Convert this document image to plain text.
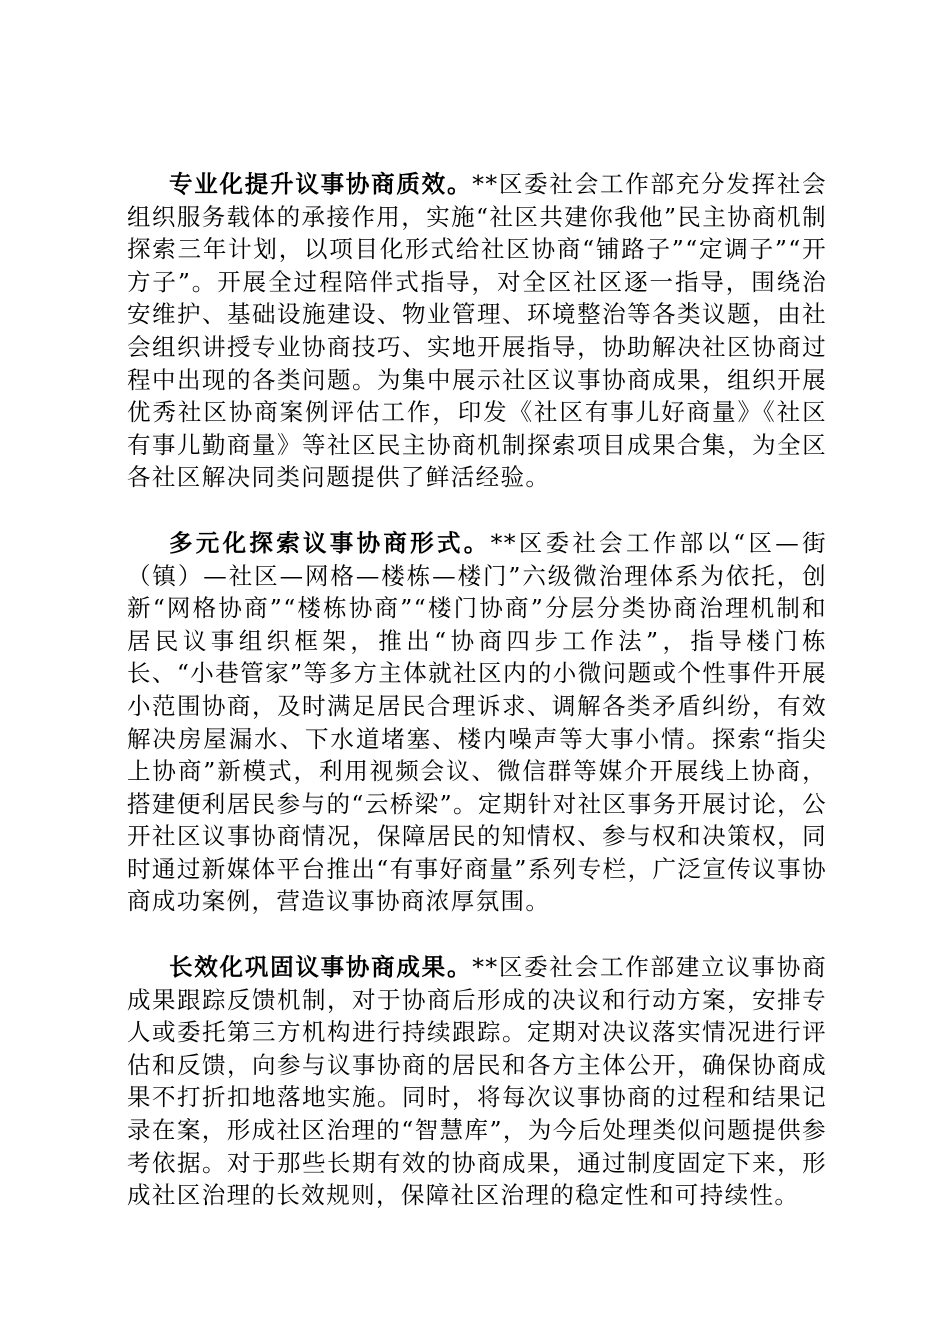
专业化提升议事协商质效。**区委社会工作部充分发挥社会组织服务载体的承接作用，实施“社区共建你我他”民主协商机制探索三年计划，以项目化形式给社区协商“铺路子”“定调子”“开方子”。开展全过程陪伴式指导，对全区社区逐一指导，围绕治安维护、基础设施建设、物业管理、环境整治等各类议题，由社会组织讲授专业协商技巧、实地开展指导，协助解决社区协商过程中出现的各类问题。为集中展示社区议事协商成果，组织开展优秀社区协商案例评估工作，印发《社区有事儿好商量》《社区有事儿勤商量》等社区民主协商机制探索项目成果合集，为全区各社区解决同类问题提供了鲜活经验。

多元化探索议事协商形式。**区委社会工作部以“区—街（镇）—社区—网格—楼栋—楼门”六级微治理体系为依托，创新“网格协商”“楼栋协商”“楼门协商”分层分类协商治理机制和居民议事组织框架，推出“协商四步工作法”，指导楼门栋长、“小巷管家”等多方主体就社区内的小微问题或个性事件开展小范围协商，及时满足居民合理诉求、调解各类矛盾纠纷，有效解决房屋漏水、下水道堵塞、楼内噪声等大事小情。探索“指尖上协商”新模式，利用视频会议、微信群等媒介开展线上协商，搭建便利居民参与的“云桥梁”。定期针对社区事务开展讨论，公开社区议事协商情况，保障居民的知情权、参与权和决策权，同时通过新媒体平台推出“有事好商量”系列专栏，广泛宣传议事协商成功案例，营造议事协商浓厚氛围。

长效化巩固议事协商成果。**区委社会工作部建立议事协商成果跟踪反馈机制，对于协商后形成的决议和行动方案，安排专人或委托第三方机构进行持续跟踪。定期对决议落实情况进行评估和反馈，向参与议事协商的居民和各方主体公开，确保协商成果不打折扣地落地实施。同时，将每次议事协商的过程和结果记录在案，形成社区治理的“智慧库”，为今后处理类似问题提供参考依据。对于那些长期有效的协商成果，通过制度固定下来，形成社区治理的长效规则，保障社区治理的稳定性和可持续性。
